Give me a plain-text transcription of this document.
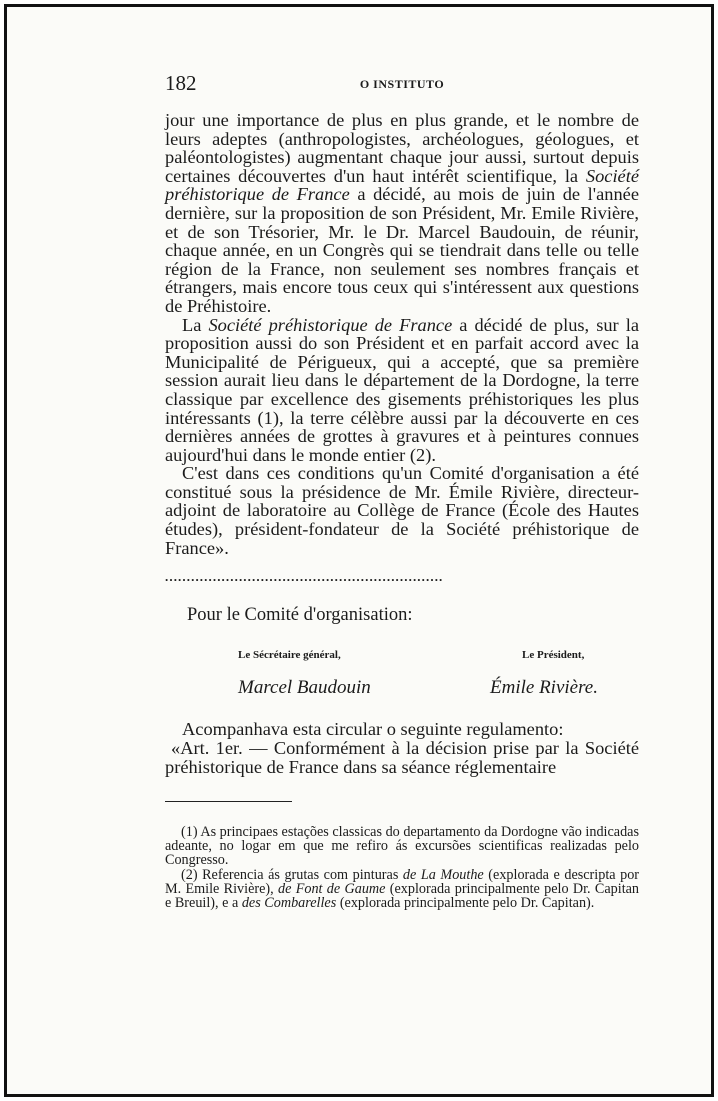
182	O INSTITUTO

jour une importance de plus en plus grande, et le nombre de leurs adeptes (anthropologistes, archéologues, géologues, et paléontologistes) augmentant chaque jour aussi, surtout depuis certaines découvertes d'un haut intérêt scientifique, la Société préhistorique de France a décidé, au mois de juin de l'année dernière, sur la proposition de son Président, Mr. Emile Rivière, et de son Trésorier, Mr. le Dr. Marcel Baudouin, de réunir, chaque année, en un Congrès qui se tiendrait dans telle ou telle région de la France, non seulement ses nombres français et étrangers, mais encore tous ceux qui s'intéressent aux questions de Préhistoire.

La Société préhistorique de France a décidé de plus, sur la proposition aussi do son Président et en parfait accord avec la Municipalité de Périgueux, qui a accepté, que sa première session aurait lieu dans le département de la Dordogne, la terre classique par excellence des gisements préhistoriques les plus intéressants (1), la terre célèbre aussi par la découverte en ces dernières années de grottes à gravures et à peintures connues aujourd'hui dans le monde entier (2).

C'est dans ces conditions qu'un Comité d'organisation a été constitué sous la présidence de Mr. Émile Rivière, directeur-adjoint de laboratoire au Collège de France (École des Hautes études), président-fondateur de la Société préhistorique de France».

................................................................
Pour le Comité d'organisation:
Le Sécrétaire général,	Le Président,
Marcel Baudouin	Émile Rivière.

Acompanhava esta circular o seguinte regulamento:

«Art. 1er. — Conformément à la décision prise par la Société préhistorique de France dans sa séance réglementaire

(1) As principaes estações classicas do departamento da Dordogne vão indicadas adeante, no logar em que me refiro ás excursões scientificas realizadas pelo Congresso.

(2) Referencia ás grutas com pinturas de La Mouthe (explorada e descripta por M. Emile Rivière), de Font de Gaume (explorada principalmente pelo Dr. Capitan e Breuil), e a des Combarelles (explorada principalmente pelo Dr. Capitan).
